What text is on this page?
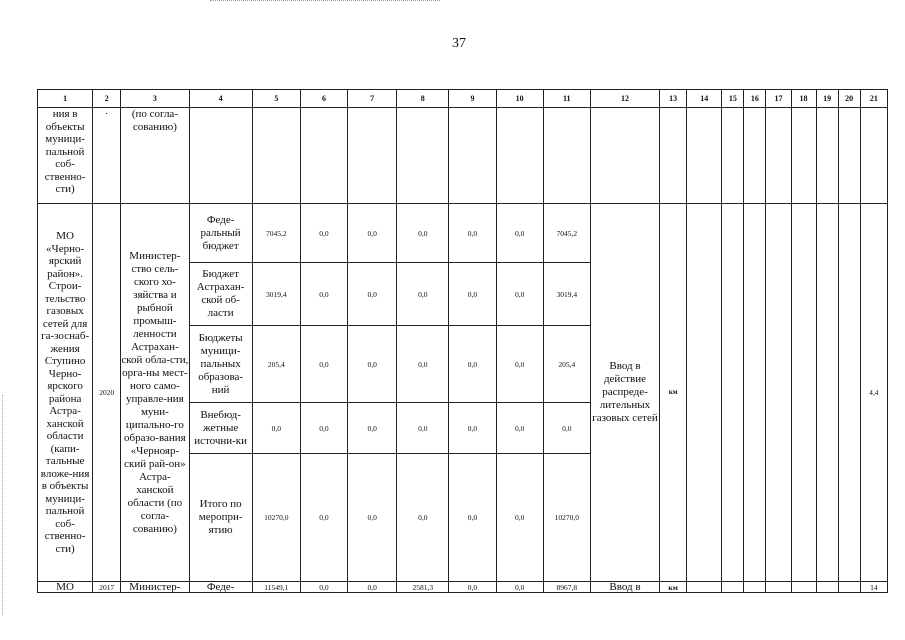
37
1	2	3	4	5	6	7	8	9	10	11	12	13	14	15	16	17	18	19	20	21
ния в объекты муници-пальной соб-ственно-сти)	·	(по согла-сованию)																		
МО «Черно-ярский район». Строи-тельство газовых сетей для га-зоснаб-жения Ступино Черно-ярского района Астра-ханской области (капи-тальные вложе-ния в объекты муници-пальной соб-ственно-сти)	2020	Министер-ство сель-ского хо-зяйства и рыбной промыш-ленности Астрахан-ской обла-сти, орга-ны мест-ного само-управле-ния муни-ципально-го образо-вания «Чернояр-ский рай-он» Астра-ханской области (по согла-сованию)	Феде-ральный бюджет	7045,2	0,0	0,0	0,0	0,0	0,0	7045,2	Ввод в действие распреде-лительных газовых сетей	км								4,4
			Бюджет Астрахан-ской об-ласти	3019,4	0,0	0,0	0,0	0,0	0,0	3019,4										
			Бюджеты муници-пальных образова-ний	205,4	0,0	0,0	0,0	0,0	0,0	205,4										
			Внебюд-жетные источни-ки	0,0	0,0	0,0	0,0	0,0	0,0	0,0										
			Итого по меропри-ятию	10270,0	0,0	0,0	0,0	0,0	0,0	10270,0										
МО	2017	Министер-	Феде-	11549,1	0,0	0,0	2581,3	0,0	0,0	8967,8	Ввод в	км								14
